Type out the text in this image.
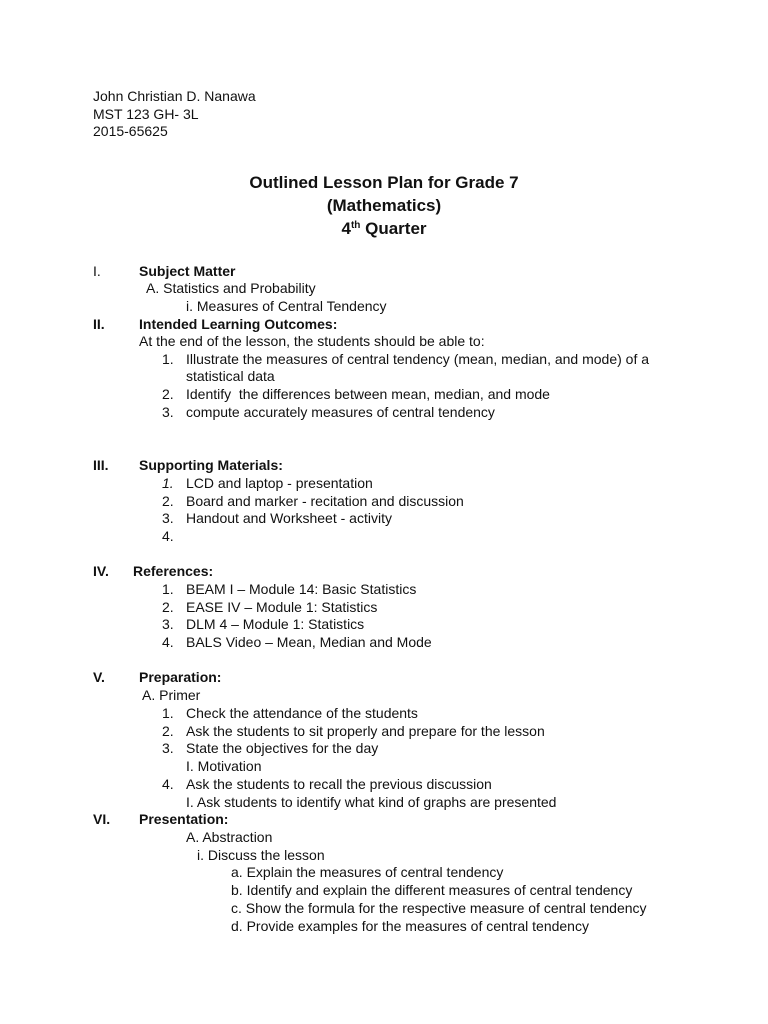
John Christian D. Nanawa
MST 123 GH- 3L
2015-65625
Outlined Lesson Plan for Grade 7
(Mathematics)
4th Quarter
I.	Subject Matter
A. Statistics and Probability
i. Measures of Central Tendency
II. Intended Learning Outcomes:
At the end of the lesson, the students should be able to:
1. Illustrate the measures of central tendency (mean, median, and mode) of a
statistical data
2. Identify  the differences between mean, median, and mode
3. compute accurately measures of central tendency
III. Supporting Materials:
1. LCD and laptop - presentation
2. Board and marker - recitation and discussion
3. Handout and Worksheet - activity
4.
IV. References:
1. BEAM I – Module 14: Basic Statistics
2. EASE IV – Module 1: Statistics
3. DLM 4 – Module 1: Statistics
4. BALS Video – Mean, Median and Mode
V. Preparation:
A. Primer
1. Check the attendance of the students
2. Ask the students to sit properly and prepare for the lesson
3. State the objectives for the day
I. Motivation
4. Ask the students to recall the previous discussion
I. Ask students to identify what kind of graphs are presented
VI. Presentation:
A. Abstraction
i. Discuss the lesson
a. Explain the measures of central tendency
b. Identify and explain the different measures of central tendency
c. Show the formula for the respective measure of central tendency
d. Provide examples for the measures of central tendency
